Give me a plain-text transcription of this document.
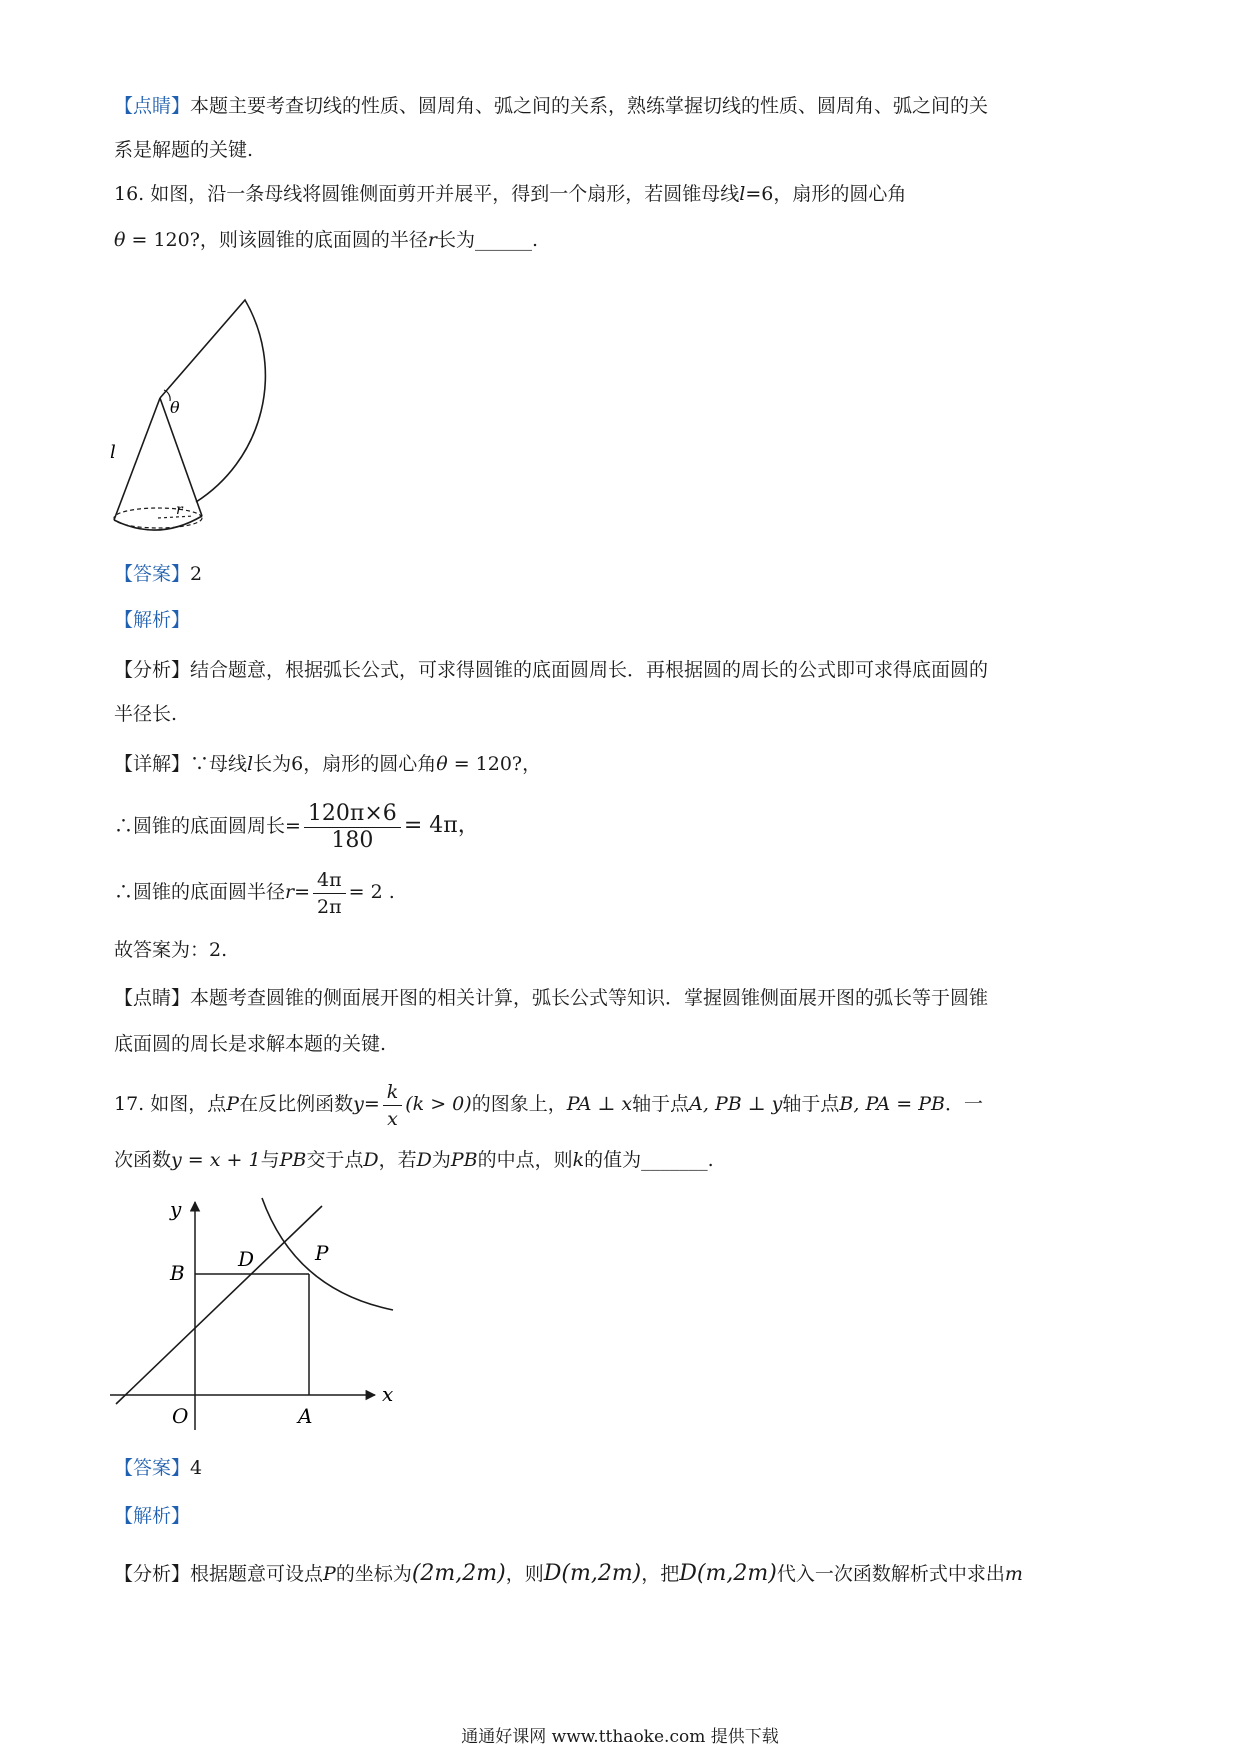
【点睛】本题主要考查切线的性质、圆周角、弧之间的关系，熟练掌握切线的性质、圆周角、弧之间的关
系是解题的关键.
16. 如图，沿一条母线将圆锥侧面剪开并展平，得到一个扇形，若圆锥母线l=6，扇形的圆心角
θ = 120?，则该圆锥的底面圆的半径r长为______.
θ
l
r
【答案】2
【解析】
【分析】结合题意，根据弧长公式，可求得圆锥的底面圆周长．再根据圆的周长的公式即可求得底面圆的
半径长.
【详解】∵母线l长为6，扇形的圆心角θ = 120?，
∴圆锥的底面圆周长= $\frac{120\pi\times 6}{180} = 4\pi$，
∴圆锥的底面圆半径$r= \frac{4\pi}{2\pi} = 2$ .
故答案为：2.
【点睛】本题考查圆锥的侧面展开图的相关计算，弧长公式等知识．掌握圆锥侧面展开图的弧长等于圆锥
底面圆的周长是求解本题的关键.
17. 如图，点P在反比例函数$y= \frac{k}{x} (k > 0)$的图象上，PA ⊥ x轴于点A, PB ⊥ y轴于点B, PA = PB．一
次函数y = x + 1与PB交于点D，若D为PB的中点，则k的值为_______.
y
x
O	A
B
D	P
【答案】4
【解析】
【分析】根据题意可设点P的坐标为(2m,2m)，则D(m,2m)，把D(m,2m)代入一次函数解析式中求出m
通通好课网 www.tthaoke.com 提供下载
